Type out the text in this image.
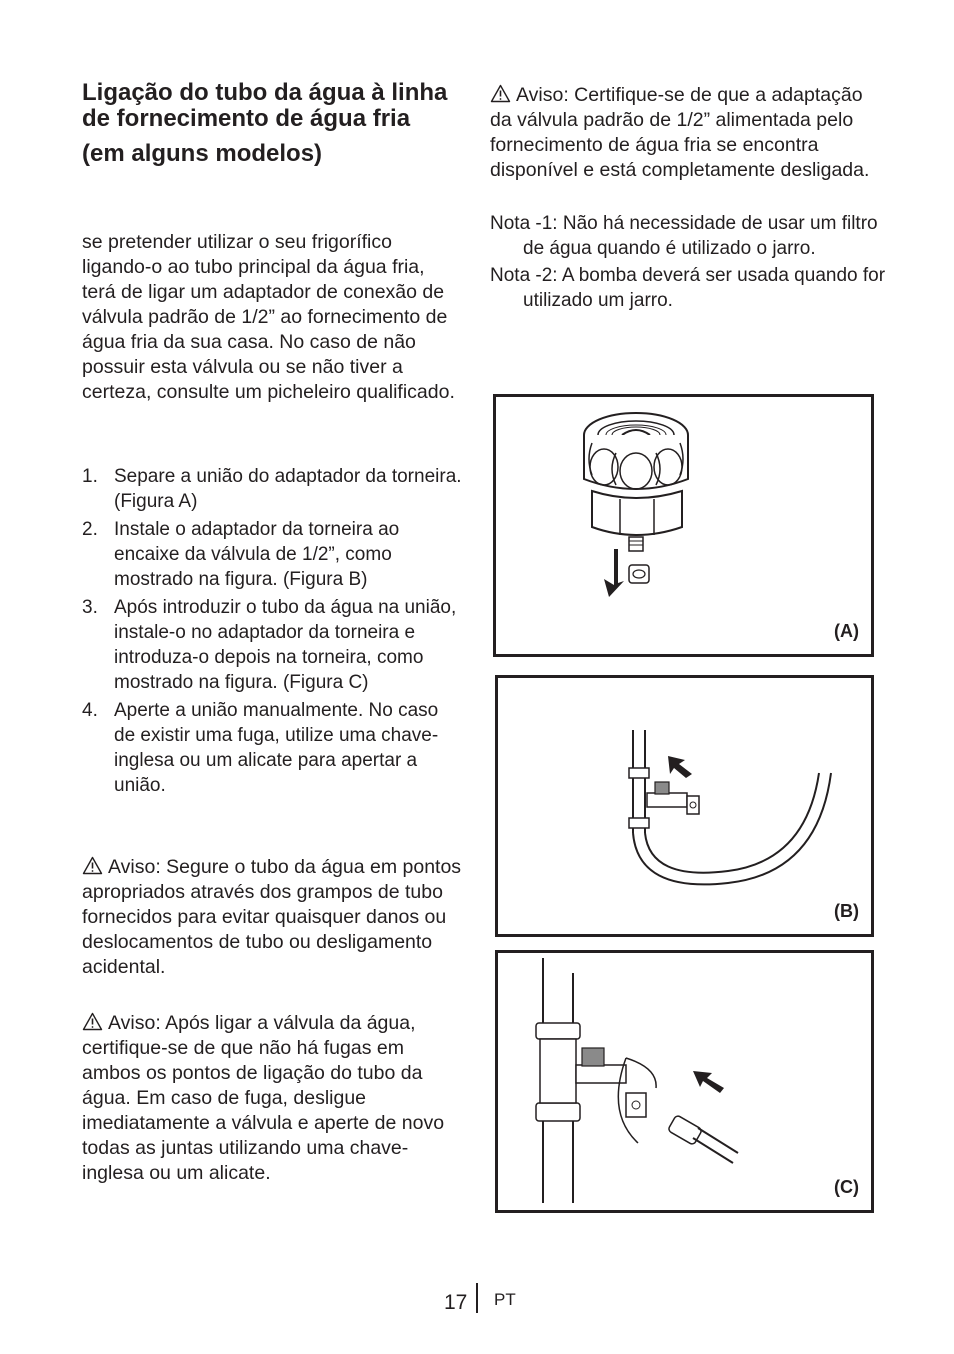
Ligação do tubo da água à linha de fornecimento de água fria
(em alguns modelos)
se pretender utilizar o seu frigorífico ligando-o ao tubo principal da água fria, terá de ligar um adaptador de conexão de válvula padrão de 1/2” ao fornecimento de água fria da sua casa. No caso de não possuir esta válvula ou se não tiver a certeza, consulte um picheleiro qualificado.
1. Separe a união do adaptador da torneira. (Figura A)
2. Instale o adaptador da torneira ao encaixe da válvula de 1/2”, como mostrado na figura. (Figura B)
3. Após introduzir o tubo da água na união, instale-o no adaptador da torneira e introduza-o depois na torneira, como mostrado na figura. (Figura C)
4. Aperte a união manualmente. No caso de existir uma fuga, utilize uma chave-inglesa ou um alicate para apertar a união.
Aviso: Segure o tubo da água em pontos apropriados através dos grampos de tubo fornecidos para evitar quaisquer danos ou deslocamentos de tubo ou desligamento acidental.
Aviso: Após ligar a válvula da água, certifique-se de que não há fugas em ambos os pontos de ligação do tubo da água. Em caso de fuga, desligue imediatamente a válvula e aperte de novo todas as juntas utilizando uma chave-inglesa ou um alicate.
Aviso: Certifique-se de que a adaptação da válvula padrão de 1/2” alimentada pelo fornecimento de água fria se encontra disponível e está completamente desligada.
Nota -1: Não há necessidade de usar um filtro de água quando é utilizado o jarro.
Nota -2: A bomba deverá ser usada quando for utilizado um jarro.
(A)
(B)
(C)
17 PT
